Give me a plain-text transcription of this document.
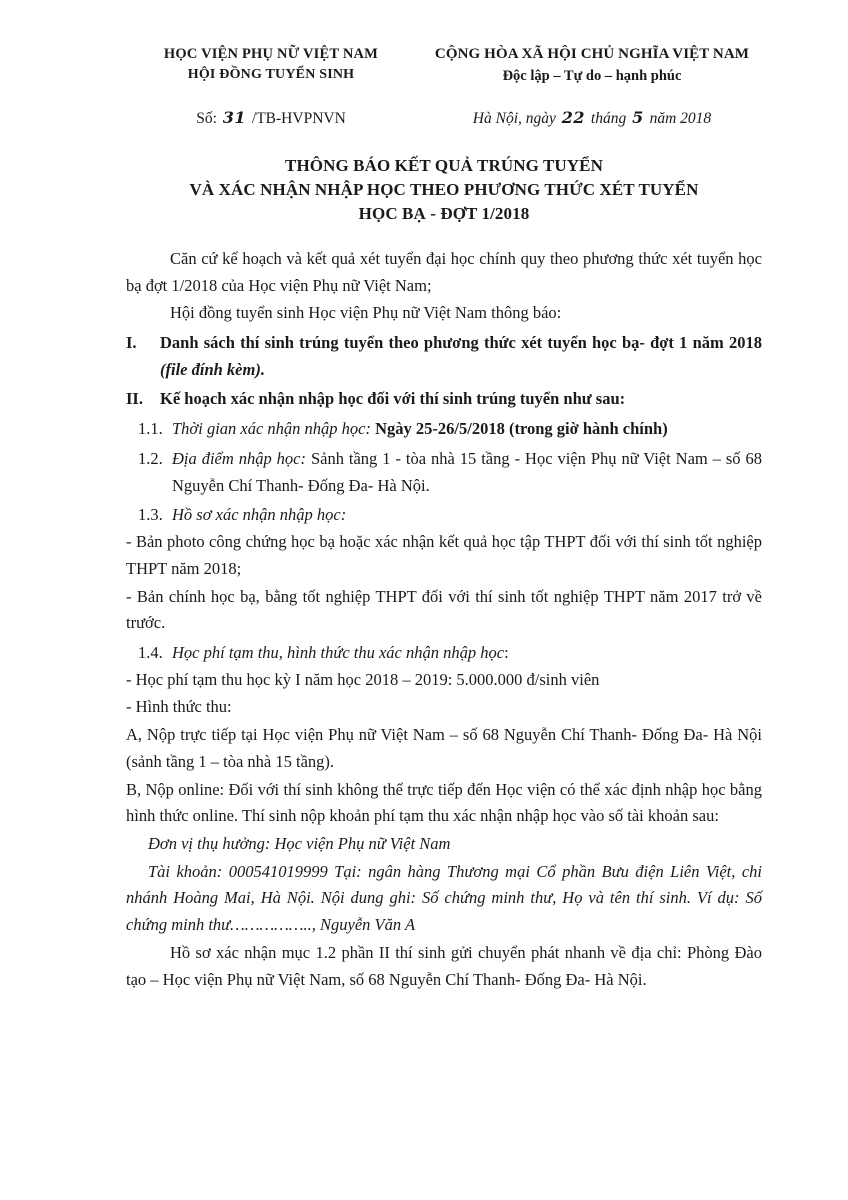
HỌC VIỆN PHỤ NỮ VIỆT NAM
HỘI ĐỒNG TUYỂN SINH
CỘNG HÒA XÃ HỘI CHỦ NGHĨA VIỆT NAM
Độc lập – Tự do – hạnh phúc
Số: 31 /TB-HVPNVN	Hà Nội, ngày 22 tháng 5 năm 2018
THÔNG BÁO KẾT QUẢ TRÚNG TUYỂN
VÀ XÁC NHẬN NHẬP HỌC THEO PHƯƠNG THỨC XÉT TUYỂN
HỌC BẠ - ĐỢT 1/2018

Căn cứ kế hoạch và kết quả xét tuyển đại học chính quy theo phương thức xét tuyển học bạ đợt 1/2018 của Học viện Phụ nữ Việt Nam;

Hội đồng tuyển sinh Học viện Phụ nữ Việt Nam thông báo:

I.	Danh sách thí sinh trúng tuyển theo phương thức xét tuyển học bạ- đợt 1 năm 2018 (file đính kèm).
II.	Kế hoạch xác nhận nhập học đối với thí sinh trúng tuyển như sau:
1.1. Thời gian xác nhận nhập học: Ngày 25-26/5/2018 (trong giờ hành chính)
1.2. Địa điểm nhập học: Sảnh tầng 1 - tòa nhà 15 tầng - Học viện Phụ nữ Việt Nam – số 68 Nguyễn Chí Thanh- Đống Đa- Hà Nội.
1.3. Hồ sơ xác nhận nhập học:

- Bản photo công chứng học bạ hoặc xác nhận kết quả học tập THPT đối với thí sinh tốt nghiệp THPT năm 2018;

- Bản chính học bạ, bằng tốt nghiệp THPT đối với thí sinh tốt nghiệp THPT năm 2017 trở về trước.

1.4. Học phí tạm thu, hình thức thu xác nhận nhập học:

- Học phí tạm thu học kỳ I năm học 2018 – 2019: 5.000.000 đ/sinh viên

- Hình thức thu:

A, Nộp trực tiếp tại Học viện Phụ nữ Việt Nam – số 68 Nguyễn Chí Thanh- Đống Đa- Hà Nội (sảnh tầng 1 – tòa nhà 15 tầng).

B, Nộp online: Đối với thí sinh không thể trực tiếp đến Học viện có thể xác định nhập học bằng hình thức online. Thí sinh nộp khoản phí tạm thu xác nhận nhập học vào số tài khoản sau:

Đơn vị thụ hưởng: Học viện Phụ nữ Việt Nam

Tài khoản: 000541019999 Tại: ngân hàng Thương mại Cổ phần Bưu điện Liên Việt, chi nhánh Hoàng Mai, Hà Nội. Nội dung ghi: Số chứng minh thư, Họ và tên thí sinh. Ví dụ: Số chứng minh thư…………….., Nguyễn Văn A

Hồ sơ xác nhận mục 1.2 phần II thí sinh gửi chuyển phát nhanh về địa chỉ: Phòng Đào tạo – Học viện Phụ nữ Việt Nam, số 68 Nguyễn Chí Thanh- Đống Đa- Hà Nội.
